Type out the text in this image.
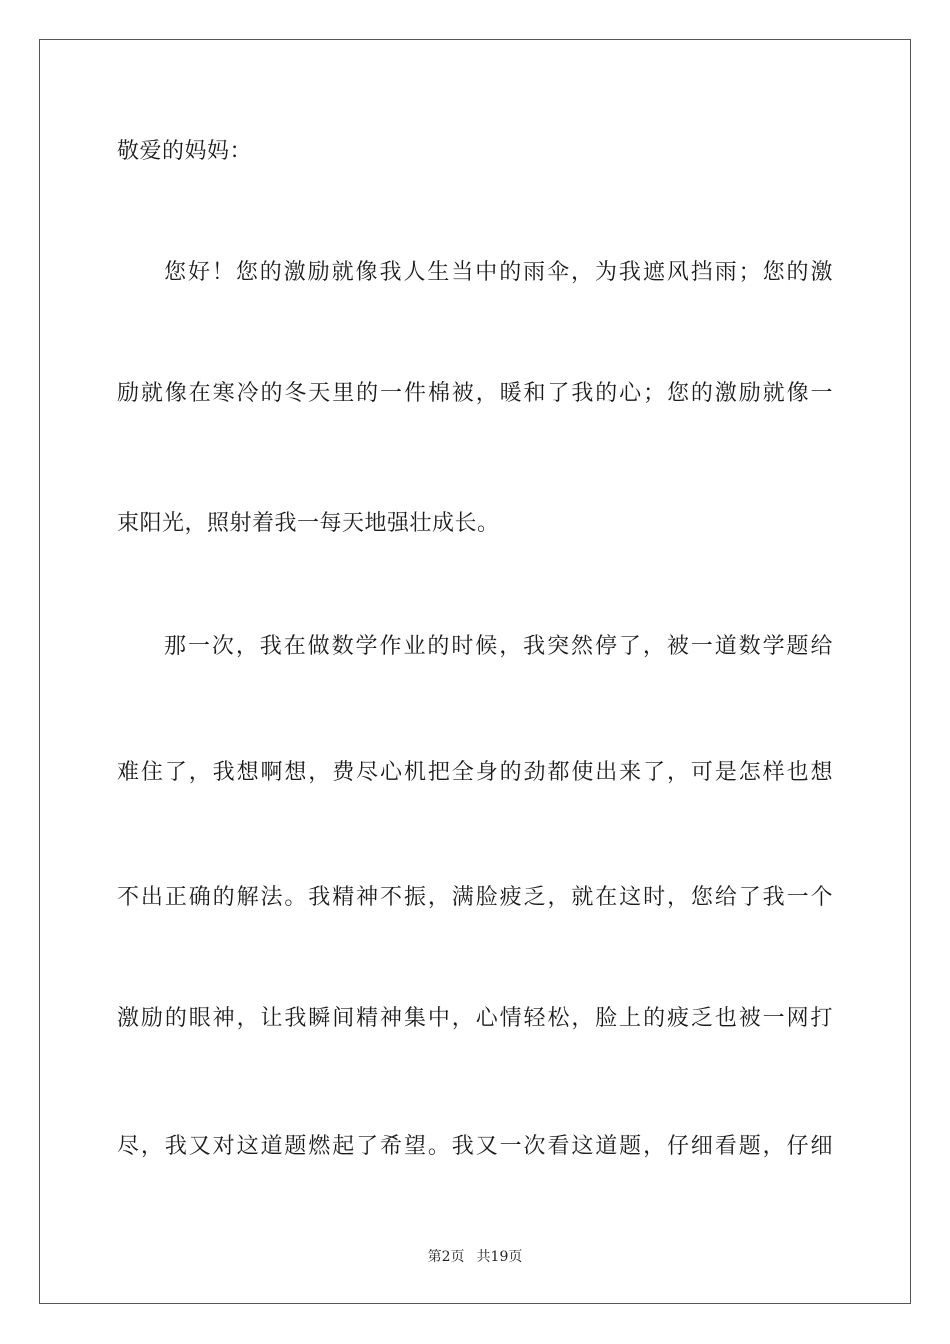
敬爱的妈妈：
您好！您的激励就像我人生当中的雨伞，为我遮风挡雨；您的激
励就像在寒冷的冬天里的一件棉被，暖和了我的心；您的激励就像一
束阳光，照射着我一每天地强壮成长。
那一次，我在做数学作业的时候，我突然停了，被一道数学题给
难住了，我想啊想，费尽心机把全身的劲都使出来了，可是怎样也想
不出正确的解法。我精神不振，满脸疲乏，就在这时，您给了我一个
激励的眼神，让我瞬间精神集中，心情轻松，脸上的疲乏也被一网打
尽，我又对这道题燃起了希望。我又一次看这道题，仔细看题，仔细
第2页 共19页
